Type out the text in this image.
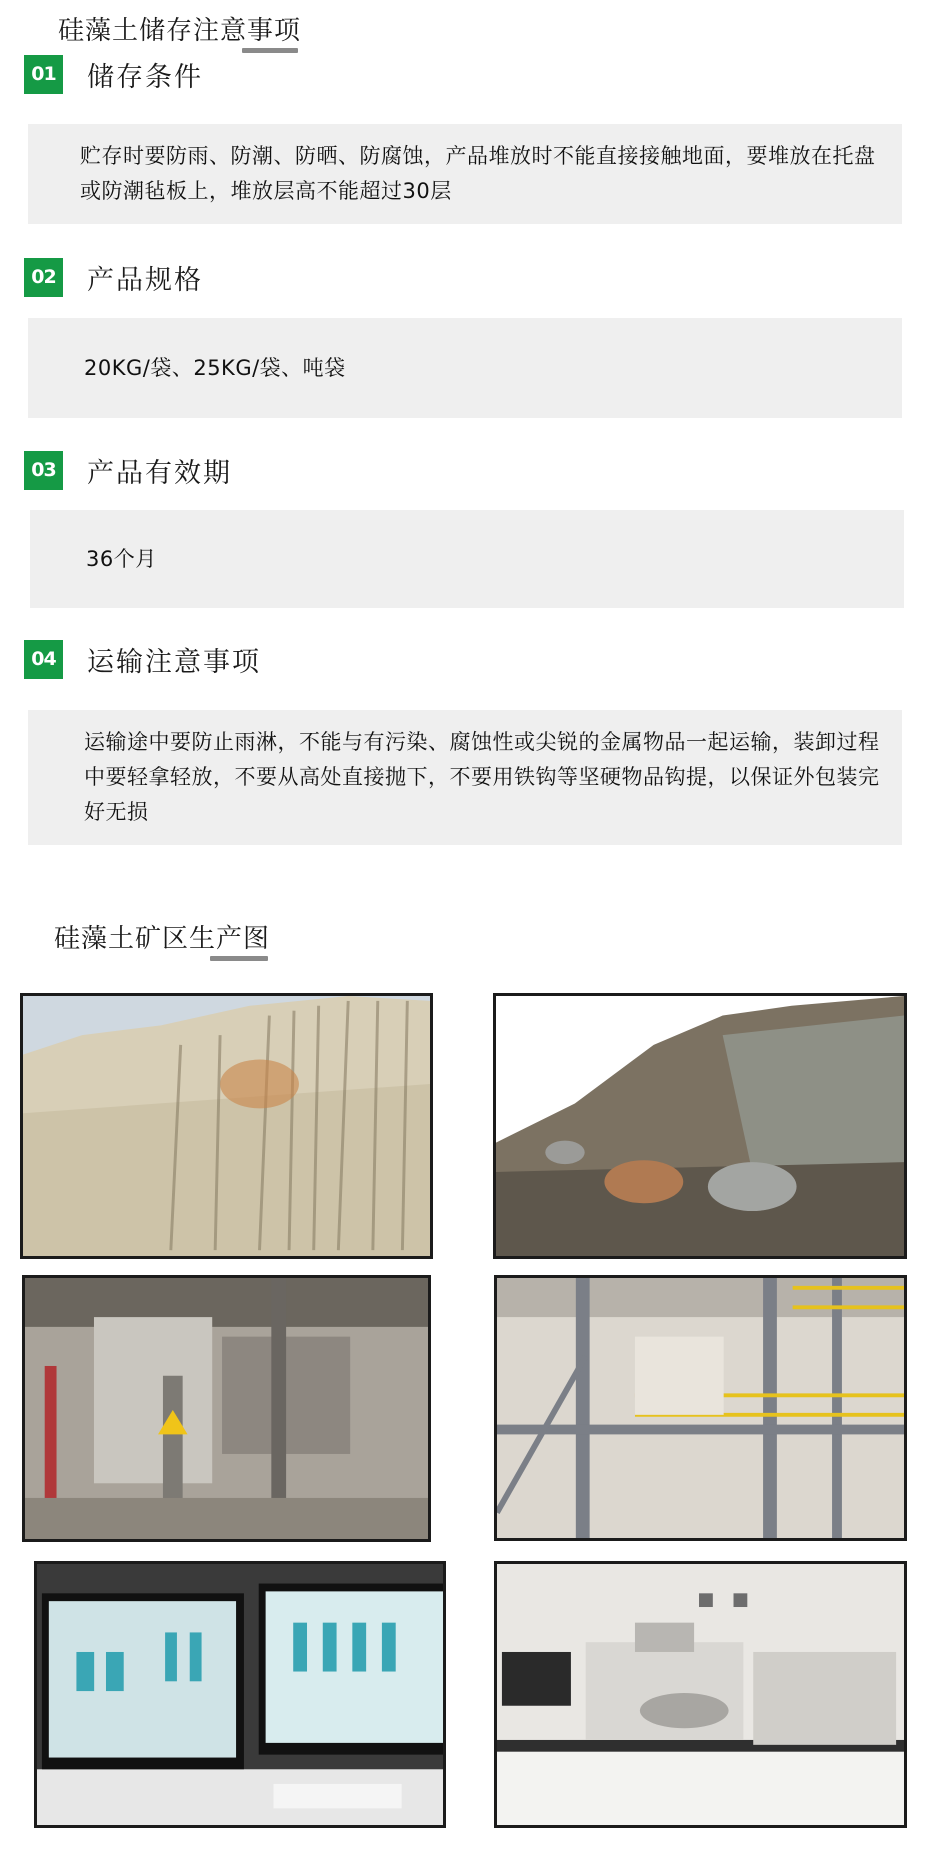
硅藻土储存注意事项
01 储存条件
贮存时要防雨、防潮、防晒、防腐蚀，产品堆放时不能直接接触地面，要堆放在托盘或防潮毡板上，堆放层高不能超过30层
02 产品规格
20KG/袋、25KG/袋、吨袋
03 产品有效期
36个月
04 运输注意事项
运输途中要防止雨淋，不能与有污染、腐蚀性或尖锐的金属物品一起运输，装卸过程中要轻拿轻放，不要从高处直接抛下，不要用铁钩等坚硬物品钩提，以保证外包装完好无损
硅藻土矿区生产图
